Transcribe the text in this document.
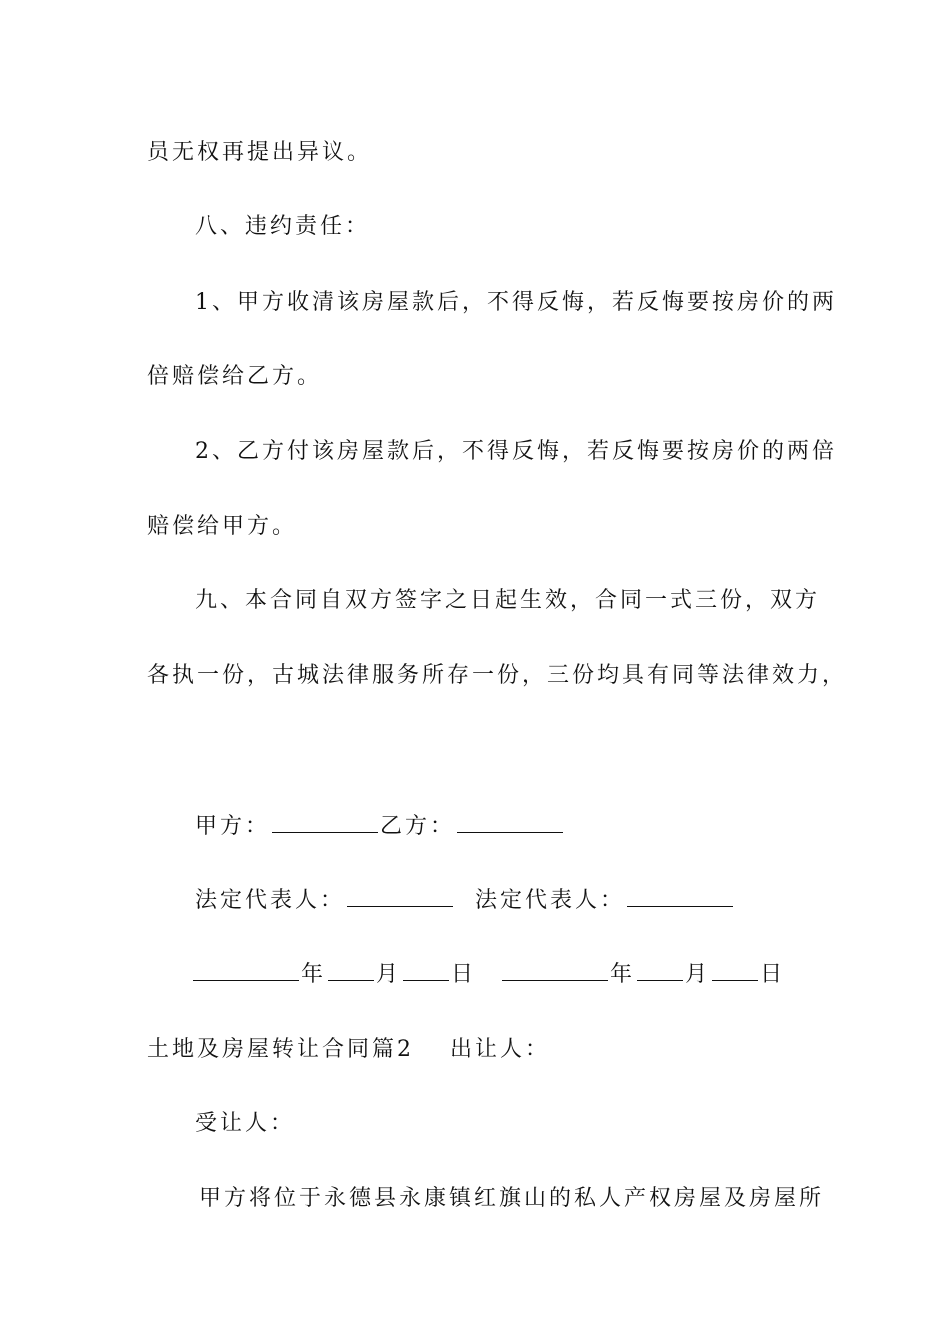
员无权再提出异议。
八、违约责任：
1、甲方收清该房屋款后，不得反悔，若反悔要按房价的两
倍赔偿给乙方。
2、乙方付该房屋款后，不得反悔，若反悔要按房价的两倍
赔偿给甲方。
九、本合同自双方签字之日起生效，合同一式三份，双方
各执一份，古城法律服务所存一份，三份均具有同等法律效力，
甲方：	乙方：
法定代表人：	法定代表人：
年 月 日	年 月 日
土地及房屋转让合同篇2 出让人：
受让人：
甲方将位于永德县永康镇红旗山的私人产权房屋及房屋所
